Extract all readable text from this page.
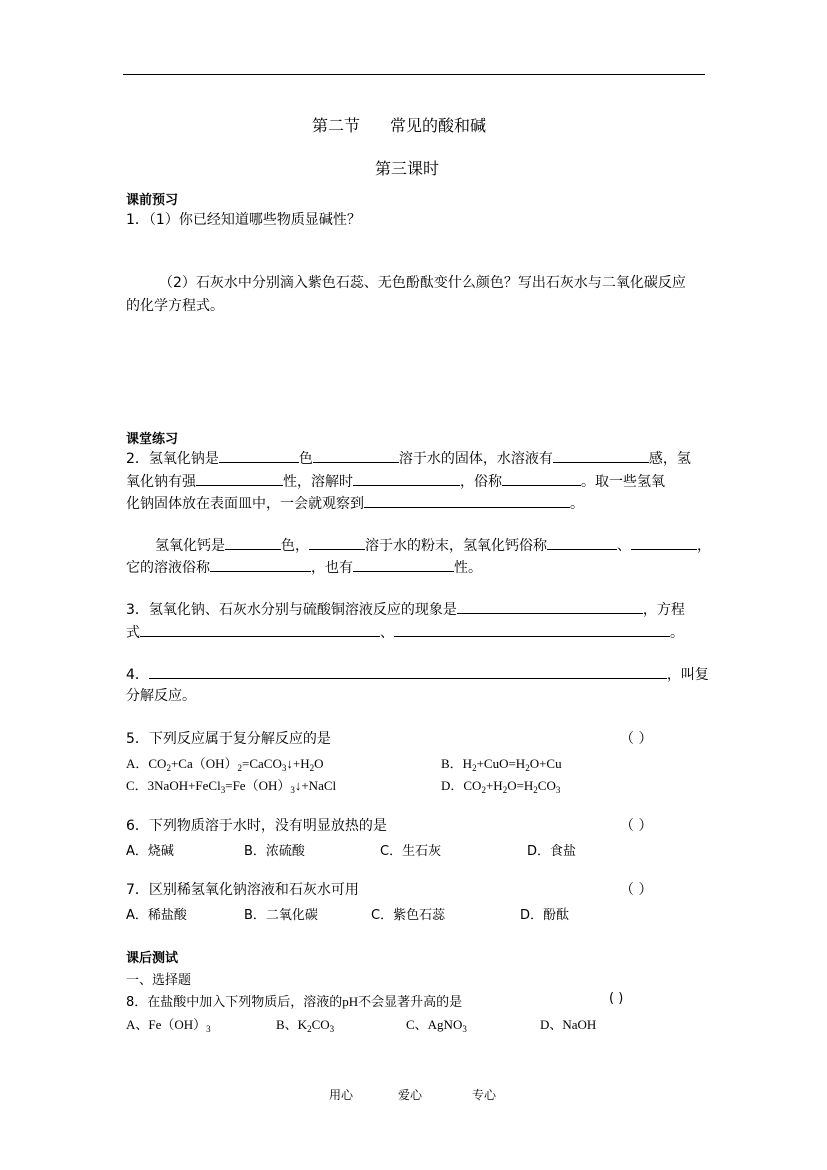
第二节 常见的酸和碱
第三课时
课前预习
1．（1）你已经知道哪些物质显碱性？
（2）石灰水中分别滴入紫色石蕊、无色酚酞变什么颜色？写出石灰水与二氧化碳反应
的化学方程式。
课堂练习
2．氢氧化钠是	色	溶于水的固体，水溶液有	感，氢
氧化钠有强	性，溶解时	，俗称	。取一些氢氧
化钠固体放在表面皿中，一会就观察到	。
氢氧化钙是	色，	溶于水的粉末，氢氧化钙俗称	、	，
它的溶液俗称	，也有	性。
3．氢氧化钠、石灰水分别与硫酸铜溶液反应的现象是	，方程
式	、	。
4．	，叫复
分解反应。
5．下列反应属于复分解反应的是	（ ）
A．$CO_2+Ca(OH)_2=CaCO_3↓+H_2O$	B．$H_2+CuO=H_2O+Cu$
C．$3NaOH+FeCl_3=Fe(OH)_3↓+NaCl$	D．$CO_2+H_2O=H_2CO_3$
6．下列物质溶于水时，没有明显放热的是	（ ）
A．烧碱	B．浓硫酸	C．生石灰	D．食盐
7．区别稀氢氧化钠溶液和石灰水可用	（ ）
A．稀盐酸	B．二氧化碳	C．紫色石蕊	D．酚酞
课后测试
一、选择题
8．在盐酸中加入下列物质后，溶液的pH不会显著升高的是	( )
A、$Fe(OH)_3$	B、$K_2CO_3$	C、AgNO$_3$	D、NaOH
用心	爱心	专心
